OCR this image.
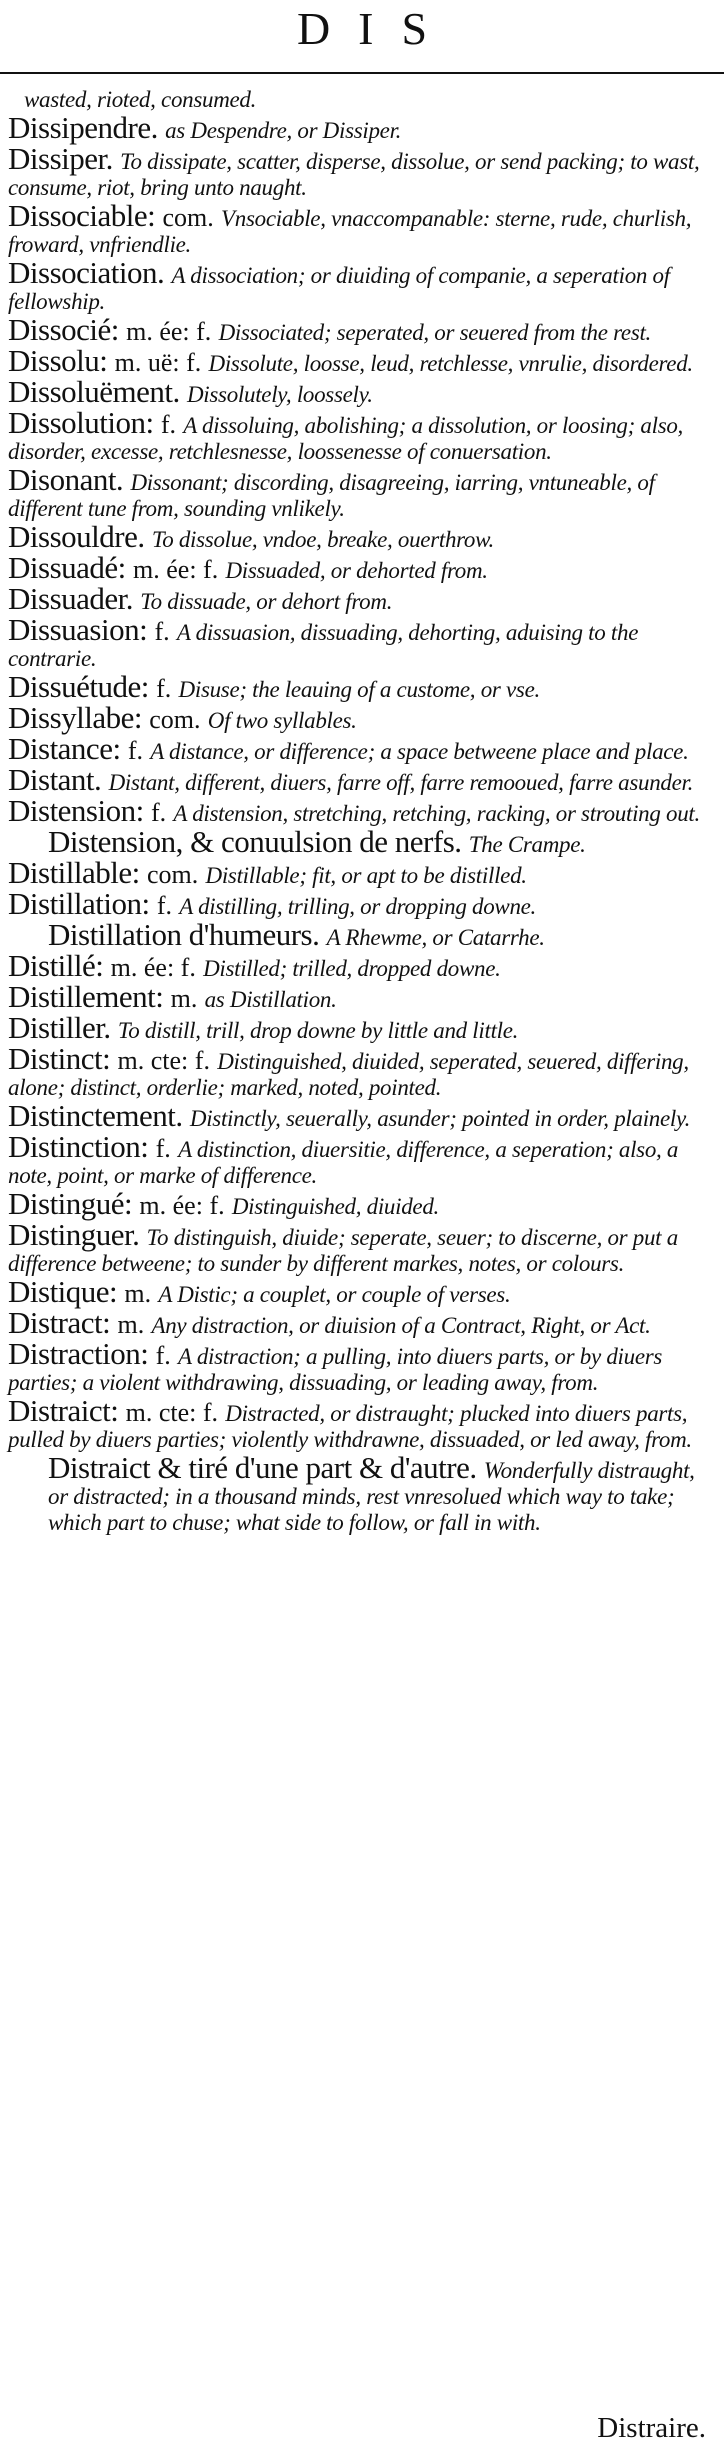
DIS

wasted, rioted, consumed.

Dissipendre. as Despendre, or Dissiper.

Dissiper. To dissipate, scatter, disperse, dissolue, or send packing; to wast, consume, riot, bring unto naught.

Dissociable: com. Vnsociable, vnaccompanable: sterne, rude, churlish, froward, vnfriendlie.

Dissociation. A dissociation; or diuiding of companie, a seperation of fellowship.

Dissocié: m. ée: f. Dissociated; seperated, or seuered from the rest.

Dissolu: m. uë: f. Dissolute, loosse, leud, retchlesse, vnrulie, disordered.

Dissoluëment. Dissolutely, loossely.

Dissolution: f. A dissoluing, abolishing; a dissolution, or loosing; also, disorder, excesse, retchlesnesse, loossenesse of conuersation.

Disonant. Dissonant; discording, disagreeing, iarring, vntuneable, of different tune from, sounding vnlikely.

Dissouldre. To dissolue, vndoe, breake, ouerthrow.

Dissuadé: m. ée: f. Dissuaded, or dehorted from.

Dissuader. To dissuade, or dehort from.

Dissuasion: f. A dissuasion, dissuading, dehorting, aduising to the contrarie.

Dissuétude: f. Disuse; the leauing of a custome, or vse.

Dissyllabe: com. Of two syllables.

Distance: f. A distance, or difference; a space betweene place and place.

Distant. Distant, different, diuers, farre off, farre remooued, farre asunder.

Distension: f. A distension, stretching, retching, racking, or strouting out.

Distension, & conuulsion de nerfs. The Crampe.

Distillable: com. Distillable; fit, or apt to be distilled.

Distillation: f. A distilling, trilling, or dropping downe.

Distillation d'humeurs. A Rhewme, or Catarrhe.

Distillé: m. ée: f. Distilled; trilled, dropped downe.

Distillement: m. as Distillation.

Distiller. To distill, trill, drop downe by little and little.

Distinct: m. cte: f. Distinguished, diuided, seperated, seuered, differing, alone; distinct, orderlie; marked, noted, pointed.

Distinctement. Distinctly, seuerally, asunder; pointed in order, plainely.

Distinction: f. A distinction, diuersitie, difference, a seperation; also, a note, point, or marke of difference.

Distingué: m. ée: f. Distinguished, diuided.

Distinguer. To distinguish, diuide; seperate, seuer; to discerne, or put a difference betweene; to sunder by different markes, notes, or colours.

Distique: m. A Distic; a couplet, or couple of verses.

Distract: m. Any distraction, or diuision of a Contract, Right, or Act.

Distraction: f. A distraction; a pulling, into diuers parts, or by diuers parties; a violent withdrawing, dissuading, or leading away, from.

Distraict: m. cte: f. Distracted, or distraught; plucked into diuers parts, pulled by diuers parties; violently withdrawne, dissuaded, or led away, from.

Distraict & tiré d'une part & d'autre. Wonderfully distraught, or distracted; in a thousand minds, rest vnresolued which way to take; which part to chuse; what side to follow, or fall in with.

Distraire.
